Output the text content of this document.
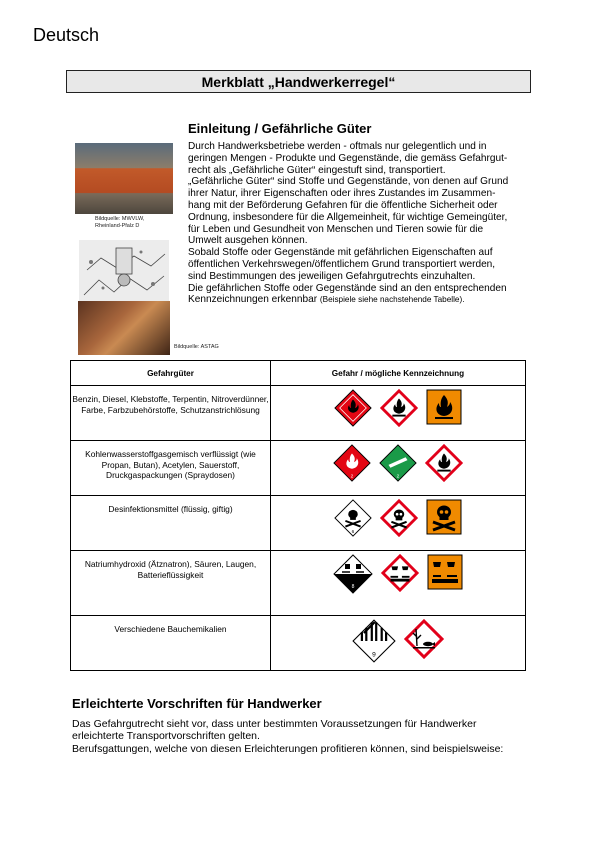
Deutsch
Merkblatt „Handwerkerregel“
Bildquelle: MWVLW,
Rheinland-Pfalz D
Bildquelle: ASTAG
Einleitung / Gefährliche Güter

Durch Handwerksbetriebe werden - oftmals nur gelegentlich und in

geringen Mengen - Produkte und Gegenstände, die gemäss Gefahrgut-

recht als „Gefährliche Güter“ eingestuft sind, transportiert.

„Gefährliche Güter“ sind Stoffe und Gegenstände, von denen auf Grund

ihrer Natur, ihrer Eigenschaften oder ihres Zustandes im Zusammen-

hang mit der Beförderung Gefahren für die öffentliche Sicherheit oder

Ordnung, insbesondere für die Allgemeinheit, für wichtige Gemeingüter,

für Leben und Gesundheit von Menschen und Tieren sowie für die

Umwelt ausgehen können.

Sobald Stoffe oder Gegenstände mit gefährlichen Eigenschaften auf

öffentlichen Verkehrswegen/öffentlichem Grund transportiert werden,

sind Bestimmungen des jeweiligen Gefahrgutrechts einzuhalten.

Die gefährlichen Stoffe oder Gegenstände sind an den entsprechenden

Kennzeichnungen erkennbar (Beispiele siehe nachstehende Tabelle).

Gefahrgüter	Gefahr / mögliche Kennzeichnung
Benzin, Diesel, Klebstoffe, Terpentin, Nitroverdünner, Farbe, Farbzubehörstoffe, Schutzanstrichlösung	
Kohlenwasserstoffgasgemisch verflüssigt (wie Propan, Butan), Acetylen, Sauerstoff, Druckgaspackungen (Spraydosen)	2
2

Desinfektionsmittel (flüssig, giftig)	6

Natriumhydroxid (Ätznatron), Säuren, Laugen, Batterieflüssigkeit	8

Verschiedene Bauchemikalien	9

Erleichterte Vorschriften für Handwerker

Das Gefahrgutrecht sieht vor, dass unter bestimmten Voraussetzungen für Handwerker

erleichterte Transportvorschriften gelten.

Berufsgattungen, welche von diesen Erleichterungen profitieren können, sind beispielsweise:
